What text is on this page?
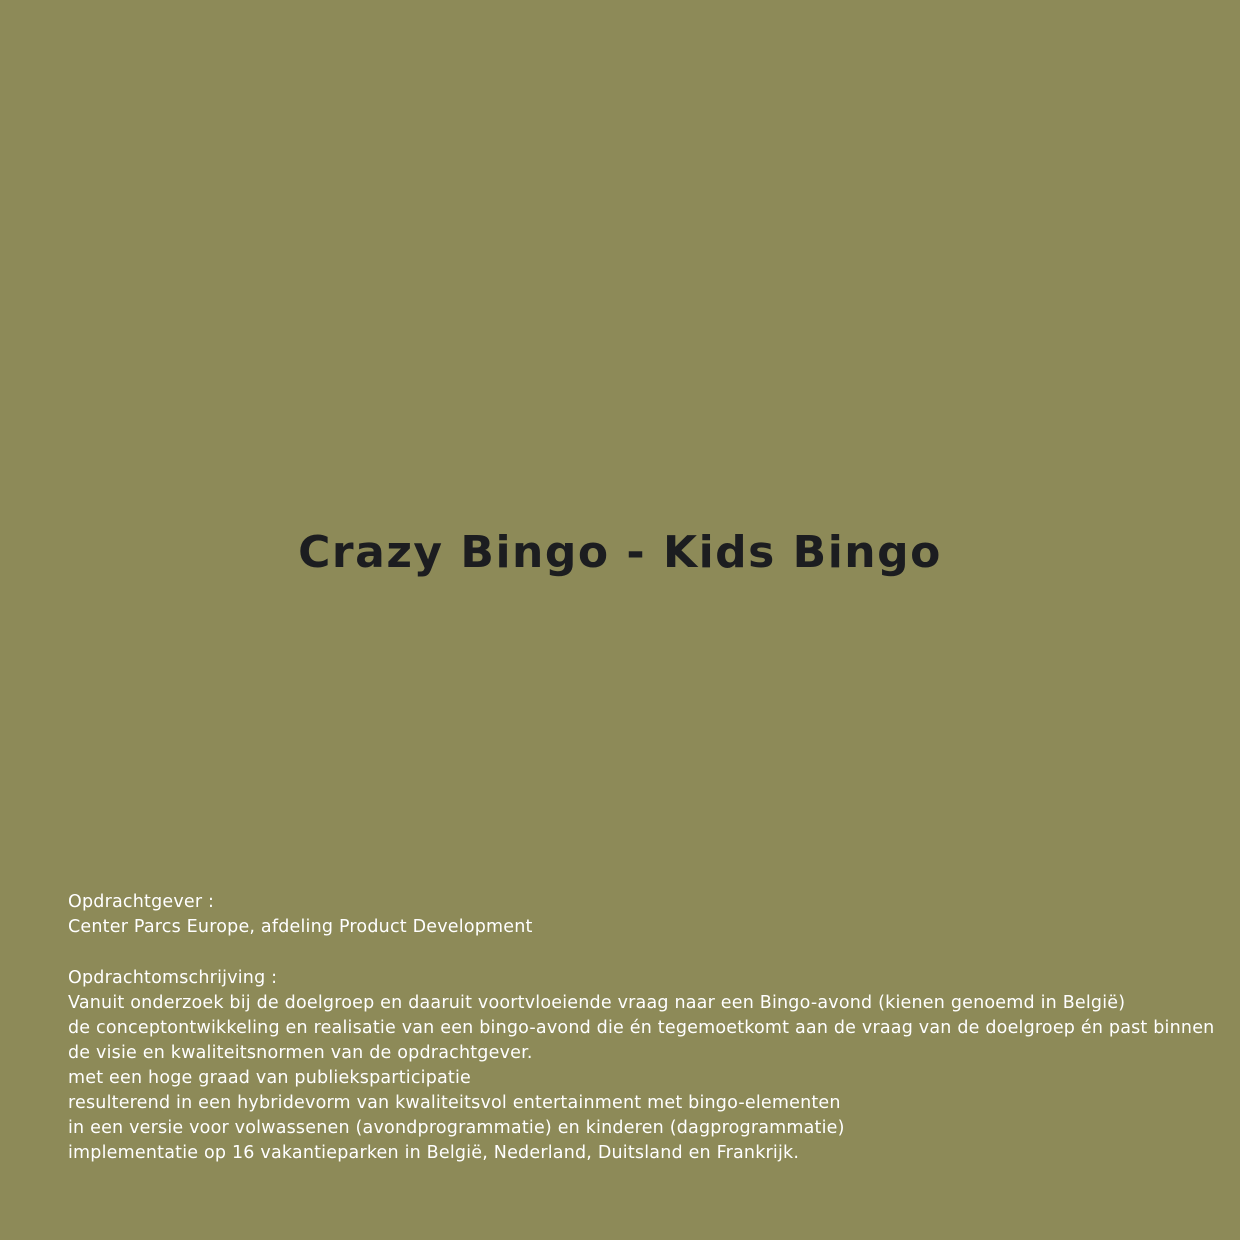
Crazy Bingo - Kids Bingo
Opdrachtgever :
Center Parcs Europe, afdeling Product Development
Opdrachtomschrijving :
Vanuit onderzoek bij de doelgroep en daaruit voortvloeiende vraag naar een Bingo-avond (kienen genoemd in België)
de conceptontwikkeling en realisatie van een bingo-avond die én tegemoetkomt aan de vraag van de doelgroep én past binnen
de visie en kwaliteitsnormen van de opdrachtgever.
met een hoge graad van publieksparticipatie
resulterend in een hybridevorm van kwaliteitsvol entertainment met bingo-elementen
in een versie voor volwassenen (avondprogrammatie) en kinderen (dagprogrammatie)
implementatie op 16 vakantieparken in België, Nederland, Duitsland en Frankrijk.
